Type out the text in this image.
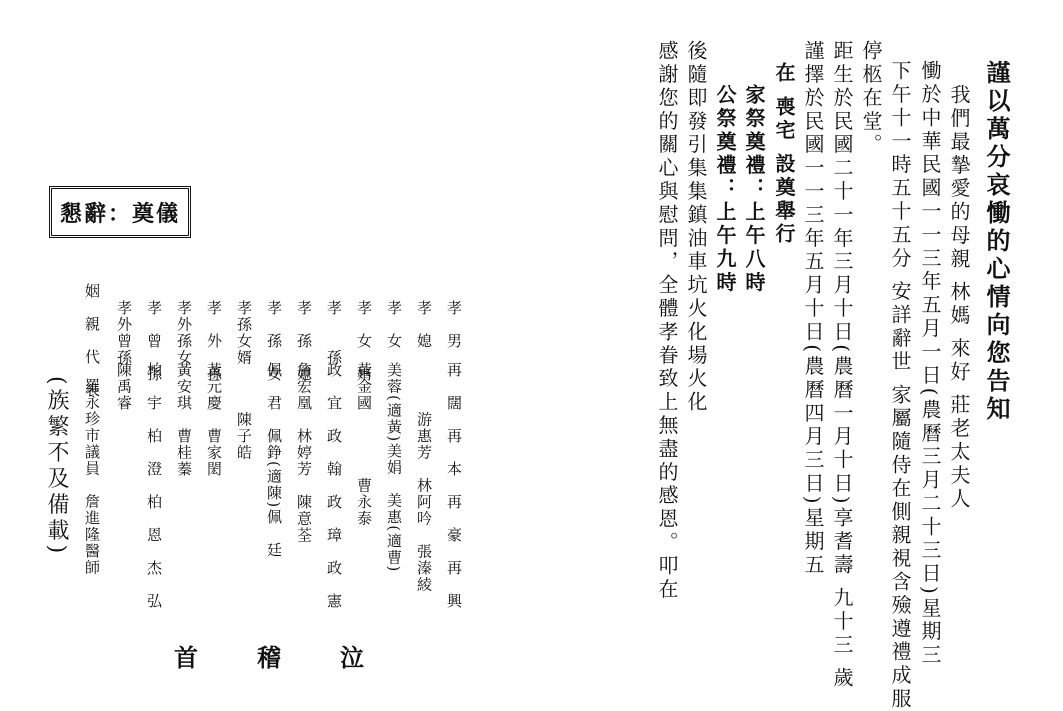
謹以萬分哀慟的心情向您告知
我們最摯愛的母親 林媽 來好 莊老太夫人
慟於中華民國一一三年五月一日(農曆三月二十三日)星期三
下午十一時五十五分 安詳辭世 家屬隨侍在側親視含殮遵禮成服
停柩在堂。
距生於民國二十一年三月十日(農曆一月十日)享耆壽 九十三 歲
謹擇於民國一一三年五月十日(農曆四月三日)星期五
在 喪宅 設奠舉行
家祭奠禮：上午八時
公祭奠禮：上午九時
後隨即發引集集鎮油車坑火化場火化
感謝您的關心與慰問，全體孝眷致上無盡的感恩。叩在
懇辭：奠儀
孝　男
再　闊　再　本　再　豪　再　興
孝　媳
　　　游惠芳　林阿吟　張溱綾
孝　女
美蓉(適黃)美娟　美惠(適曹)
孝　女　婿
黃金國　　　　曹永泰
孝　　孫
政　宜　政　翰　政　璋　政　憲
孝　孫　媳
詹宏凰　林婷芳　陳意荃
孝　孫　女
佩　君　佩錚(適陳)佩　廷
孝孫女婿
　　　陳子皓
孝　外　孫
黃元慶　曹家閎
孝外孫女
黃安琪　曹桂蓁
孝　曾　孫
柏　宇　柏　澄　柏　恩　杰　弘
孝外曾孫
陳禹睿
姻　親　代　表
羅永珍市議員　詹進隆醫師
(族繁不及備載)
泣
稽
首
